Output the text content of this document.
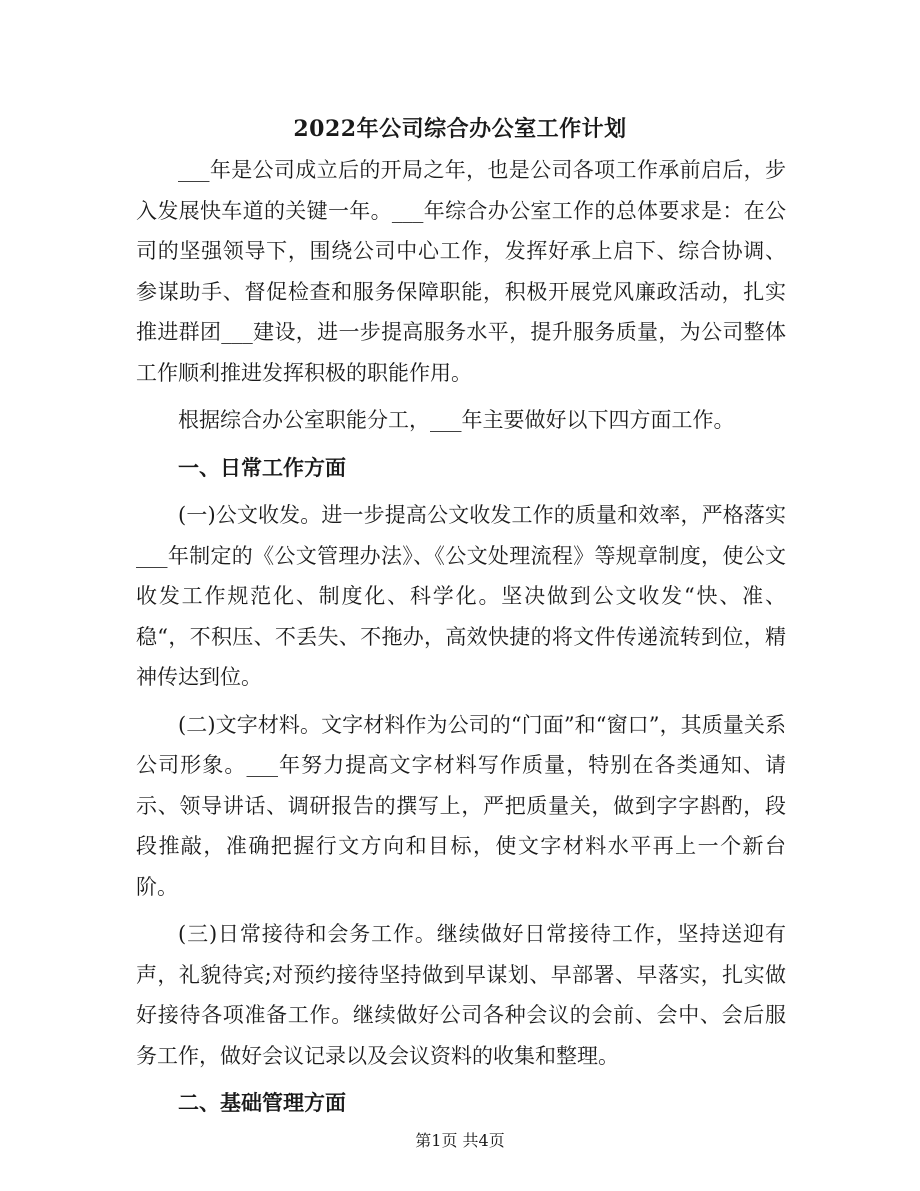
2022年公司综合办公室工作计划

___年是公司成立后的开局之年，也是公司各项工作承前启后，步入发展快车道的关键一年。___年综合办公室工作的总体要求是：在公司的坚强领导下，围绕公司中心工作，发挥好承上启下、综合协调、参谋助手、督促检查和服务保障职能，积极开展党风廉政活动，扎实推进群团___建设，进一步提高服务水平，提升服务质量，为公司整体工作顺利推进发挥积极的职能作用。

根据综合办公室职能分工，___年主要做好以下四方面工作。

一、日常工作方面

(一)公文收发。进一步提高公文收发工作的质量和效率，严格落实___年制定的《公文管理办法》、《公文处理流程》等规章制度，使公文收发工作规范化、制度化、科学化。坚决做到公文收发“快、准、稳“，不积压、不丢失、不拖办，高效快捷的将文件传递流转到位，精神传达到位。

(二)文字材料。文字材料作为公司的“门面”和“窗口”，其质量关系公司形象。___年努力提高文字材料写作质量，特别在各类通知、请示、领导讲话、调研报告的撰写上，严把质量关，做到字字斟酌，段段推敲，准确把握行文方向和目标，使文字材料水平再上一个新台阶。

(三)日常接待和会务工作。继续做好日常接待工作，坚持送迎有声，礼貌待宾;对预约接待坚持做到早谋划、早部署、早落实，扎实做好接待各项准备工作。继续做好公司各种会议的会前、会中、会后服务工作，做好会议记录以及会议资料的收集和整理。

二、基础管理方面

第1页 共4页
